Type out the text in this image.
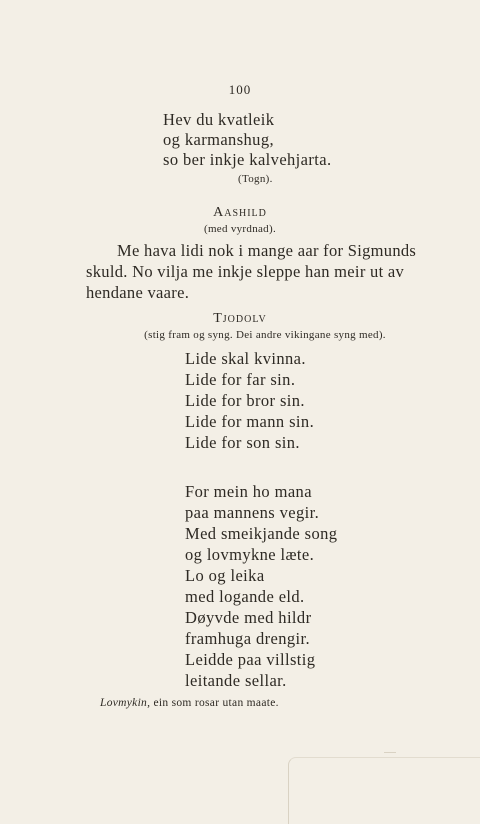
100
Hev du kvatleik
og karmanshug,
so ber inkje kalvehjarta.
(Togn).
Aashild
(med vyrdnad).
Me hava lidi nok i mange aar for Sigmunds
skuld. No vilja me inkje sleppe han meir ut av
hendane vaare.
Tjodolv
(stig fram og syng. Dei andre vikingane syng med).
Lide skal kvinna.
Lide for far sin.
Lide for bror sin.
Lide for mann sin.
Lide for son sin.
For mein ho mana
paa mannens vegir.
Med smeikjande song
og lovmykne læte.
Lo og leika
med logande eld.
Døyvde med hildr
framhuga drengir.
Leidde paa villstig
leitande sellar.
Lovmykin, ein som rosar utan maate.
